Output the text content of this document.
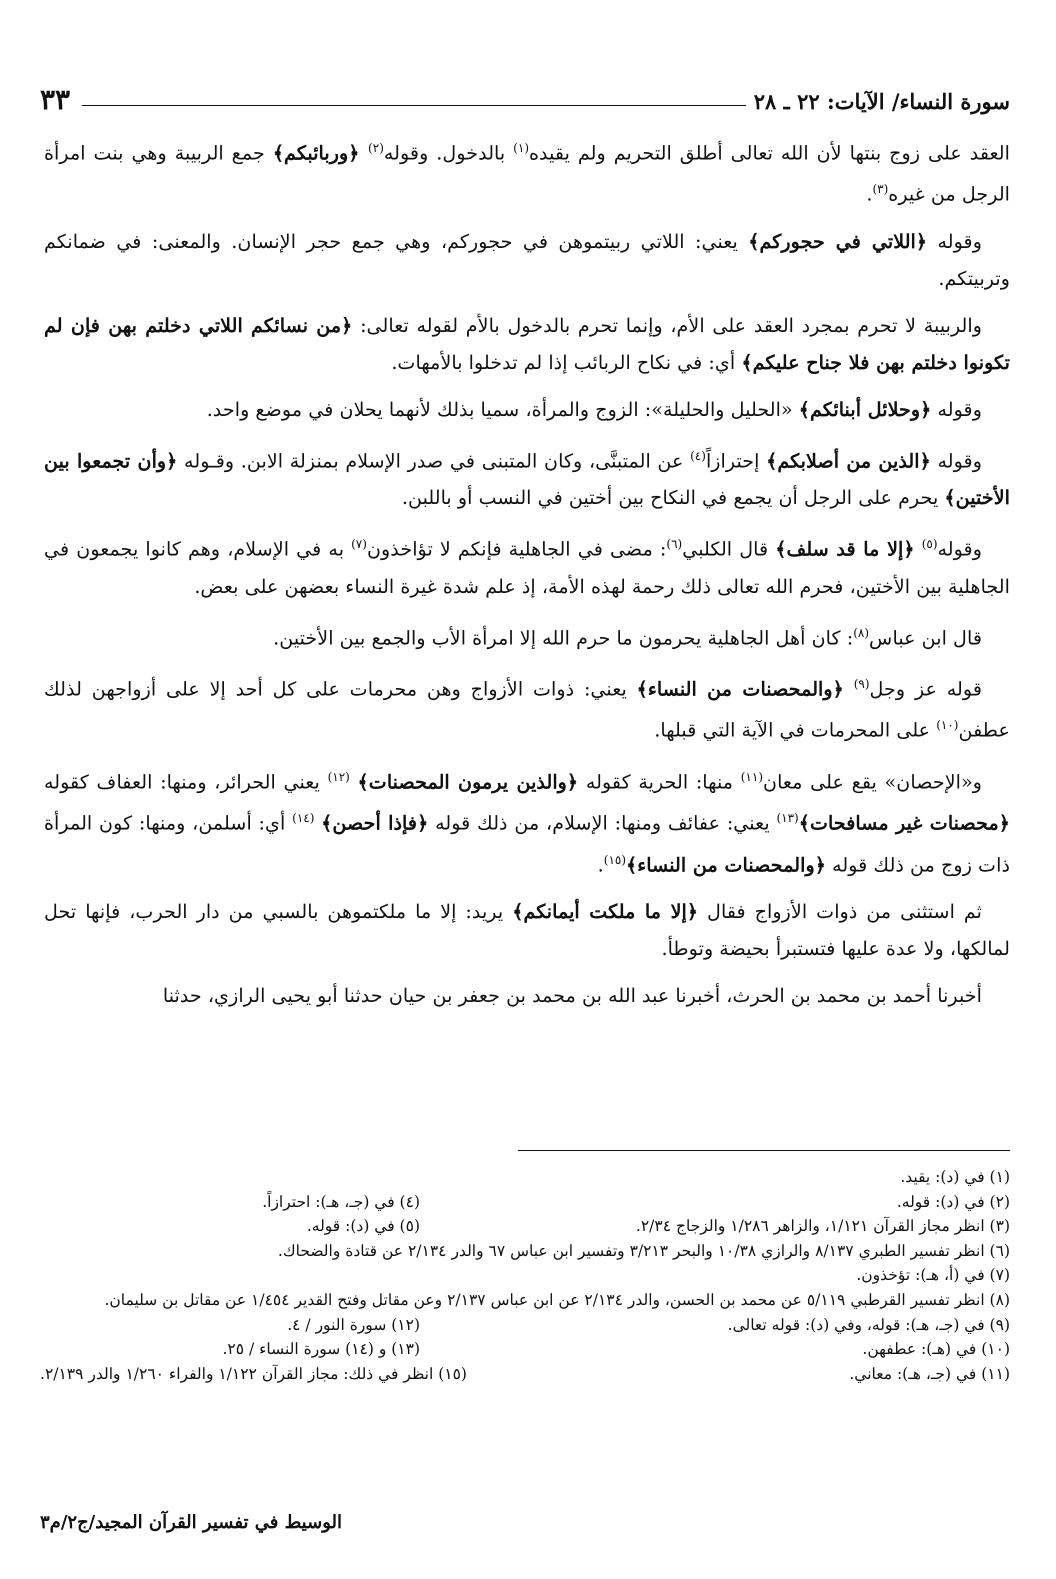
سورة النساء/ الآيات: ٢٢ ـ ٢٨
٣٣

العقد على زوج بنتها لأن الله تعالى أطلق التحريم ولم يقيده$^{(١)}$ بالدخول. وقوله$^{(٢)}$ ﴿وربائبكم﴾ جمع الربيبة وهي بنت امرأة الرجل من غيره$^{(٣)}$.

وقوله ﴿اللاتي في حجوركم﴾ يعني: اللاتي ربيتموهن في حجوركم، وهي جمع حجر الإنسان. والمعنى: في ضمانكم وتربيتكم.

والربيبة لا تحرم بمجرد العقد على الأم، وإنما تحرم بالدخول بالأم لقوله تعالى: ﴿من نسائكم اللاتي دخلتم بهن فإن لم تكونوا دخلتم بهن فلا جناح عليكم﴾ أي: في نكاح الربائب إذا لم تدخلوا بالأمهات.

وقوله ﴿وحلائل أبنائكم﴾ «الحليل والحليلة»: الزوج والمرأة، سميا بذلك لأنهما يحلان في موضع واحد.

وقوله ﴿الذين من أصلابكم﴾ إحترازاً$^{(٤)}$ عن المتبنَّى، وكان المتبنى في صدر الإسلام بمنزلة الابن. وقـوله ﴿وأن تجمعوا بين الأختين﴾ يحرم على الرجل أن يجمع في النكاح بين أختين في النسب أو باللبن.

وقوله$^{(٥)}$ ﴿إلا ما قد سلف﴾ قال الكلبي$^{(٦)}$: مضى في الجاهلية فإنكم لا تؤاخذون$^{(٧)}$ به في الإسلام، وهم كانوا يجمعون في الجاهلية بين الأختين، فحرم الله تعالى ذلك رحمة لهذه الأمة، إذ علم شدة غيرة النساء بعضهن على بعض.

قال ابن عباس$^{(٨)}$: كان أهل الجاهلية يحرمون ما حرم الله إلا امرأة الأب والجمع بين الأختين.

قوله عز وجل$^{(٩)}$ ﴿والمحصنات من النساء﴾ يعني: ذوات الأزواج وهن محرمات على كل أحد إلا على أزواجهن لذلك عطفن$^{(١٠)}$ على المحرمات في الآية التي قبلها.

و«الإحصان» يقع على معان$^{(١١)}$ منها: الحرية كقوله ﴿والذين يرمون المحصنات﴾ $^{(١٢)}$ يعني الحرائر، ومنها: العفاف كقوله ﴿محصنات غير مسافحات﴾$^{(١٣)}$ يعني: عفائف ومنها: الإسلام، من ذلك قوله ﴿فإذا أحصن﴾ $^{(١٤)}$ أي: أسلمن، ومنها: كون المرأة ذات زوج من ذلك قوله ﴿والمحصنات من النساء﴾$^{(١٥)}$.

ثم استثنى من ذوات الأزواج فقال ﴿إلا ما ملكت أيمانكم﴾ يريد: إلا ما ملكتموهن بالسبي من دار الحرب، فإنها تحل لمالكها، ولا عدة عليها فتستبرأ بحيضة وتوطأ.

أخبرنا أحمد بن محمد بن الحرث، أخبرنا عبد الله بن محمد بن جعفر بن حيان حدثنا أبو يحيى الرازي، حدثنا

(١) في (د): يقيد.
(٢) في (د): قوله.
(٤) في (جـ، هـ): احترازاً.
(٣) انظر مجاز القرآن ١/١٢١، والزاهر ١/٢٨٦ والزجاج ٢/٣٤.
(٥) في (د): قوله.
(٦) انظر تفسير الطبري ٨/١٣٧ والرازي ١٠/٣٨ والبحر ٣/٢١٣ وتفسير ابن عباس ٦٧ والدر ٢/١٣٤ عن قتادة والضحاك.
(٧) في (أ، هـ): تؤخذون.
(٨) انظر تفسير القرطبي ٥/١١٩ عن محمد بن الحسن، والدر ٢/١٣٤ عن ابن عباس ٢/١٣٧ وعن مقاتل وفتح القدير ١/٤٥٤ عن مقاتل بن سليمان.
(٩) في (جـ، هـ): قوله، وفي (د): قوله تعالى.
(١٢) سورة النور / ٤.
(١٠) في (هـ): عطفهن.
(١٣) و (١٤) سورة النساء / ٢٥.
(١١) في (جـ، هـ): معاني.
(١٥) انظر في ذلك: مجاز القرآن ١/١٢٢ والفراء ١/٢٦٠ والدر ٢/١٣٩.
الوسيط في تفسير القرآن المجيد/ج٢/م٣
